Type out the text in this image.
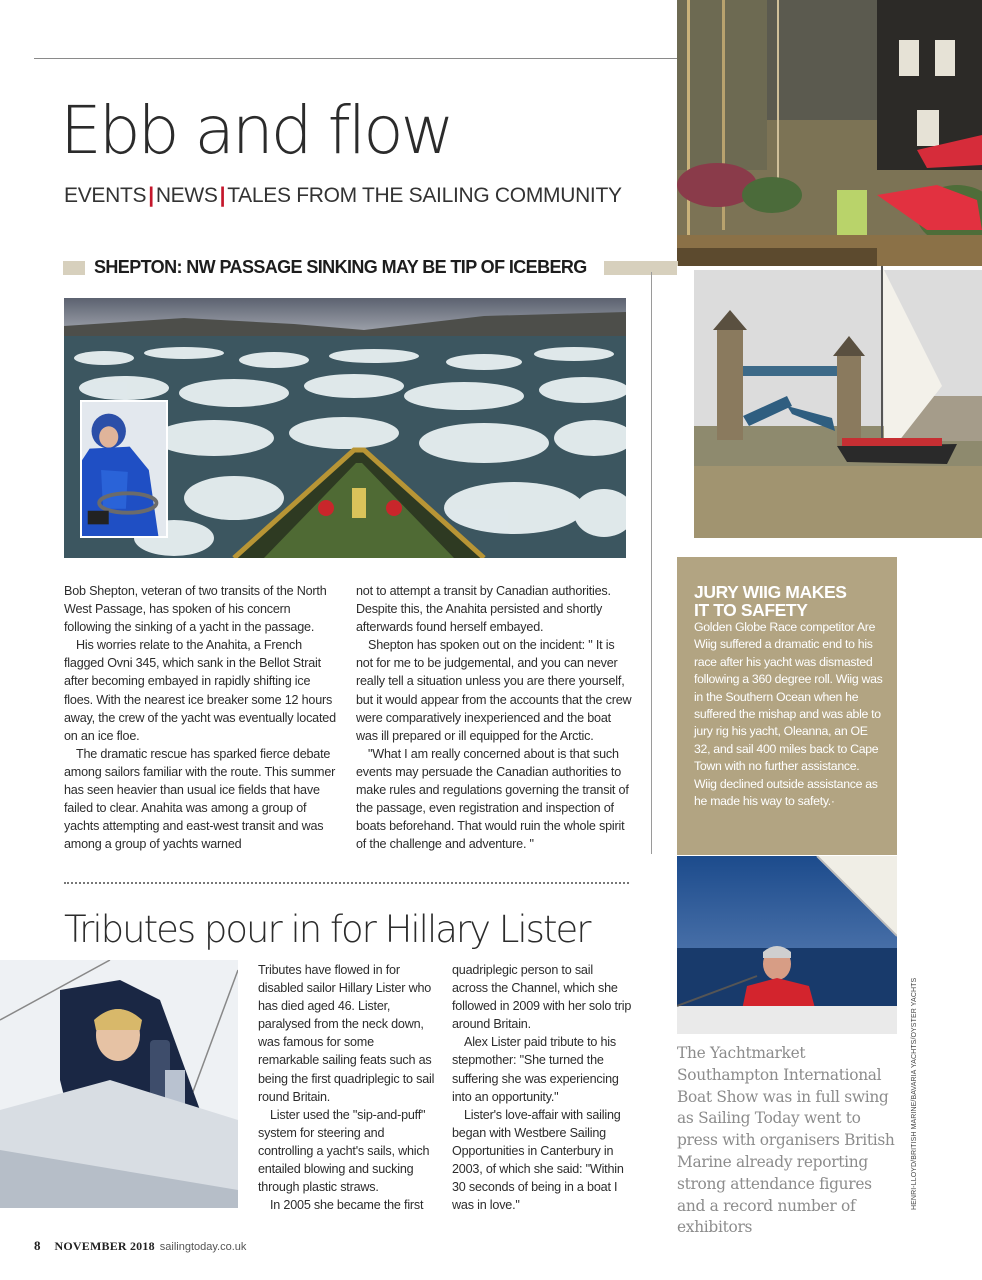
Ebb and flow
EVENTS|NEWS|TALES FROM THE SAILING COMMUNITY
SHEPTON: NW PASSAGE SINKING MAY BE TIP OF ICEBERG

Bob Shepton, veteran of two transits of the North West Passage, has spoken of his concern following the sinking of a yacht in the passage.

His worries relate to the Anahita, a French flagged Ovni 345, which sank in the Bellot Strait after becoming embayed in rapidly shifting ice floes. With the nearest ice breaker some 12 hours away, the crew of the yacht was eventually located on an ice floe.

The dramatic rescue has sparked fierce debate among sailors familiar with the route. This summer has seen heavier than usual ice fields that have failed to clear. Anahita was among a group of yachts attempting and east-west transit and was among a group of yachts warned

not to attempt a transit by Canadian authorities. Despite this, the Anahita persisted and shortly afterwards found herself embayed.

Shepton has spoken out on the incident: " It is not for me to be judgemental, and you can never really tell a situation unless you are there yourself, but it would appear from the accounts that the crew were comparatively inexperienced and the boat was ill prepared or ill equipped for the Arctic.

"What I am really concerned about is that such events may persuade the Canadian authorities to make rules and regulations governing the transit of the passage, even registration and inspection of boats beforehand. That would ruin the whole spirit of the challenge and adventure. "

JURY WIIG MAKES
IT TO SAFETY

Golden Globe Race competitor Are Wiig suffered a dramatic end to his race after his yacht was dismasted following a 360 degree roll. Wiig was in the Southern Ocean when he suffered the mishap and was able to jury rig his yacht, Oleanna, an OE 32, and sail 400 miles back to Cape Town with no further assistance. Wiig declined outside assistance as he made his way to safety.·

Tributes pour in for Hillary Lister

Tributes have flowed in for disabled sailor Hillary Lister who has died aged 46. Lister, paralysed from the neck down, was famous for some remarkable sailing feats such as being the first quadriplegic to sail round Britain.

Lister used the "sip-and-puff" system for steering and controlling a yacht's sails, which entailed blowing and sucking through plastic straws.

In 2005 she became the first

quadriplegic person to sail across the Channel, which she followed in 2009 with her solo trip around Britain.

Alex Lister paid tribute to his stepmother: "She turned the suffering she was experiencing into an opportunity."

Lister's love-affair with sailing began with Westbere Sailing Opportunities in Canterbury in 2003, of which she said: "Within 30 seconds of being in a boat I was in love."

The Yachtmarket Southampton International Boat Show was in full swing as Sailing Today went to press with organisers British Marine already reporting strong attendance figures and a record number of exhibitors

HENRI-LLOYD/BRITISH MARINE/BAVARIA YACHTS/OYSTER YACHTS
8 NOVEMBER 2018 sailingtoday.co.uk
